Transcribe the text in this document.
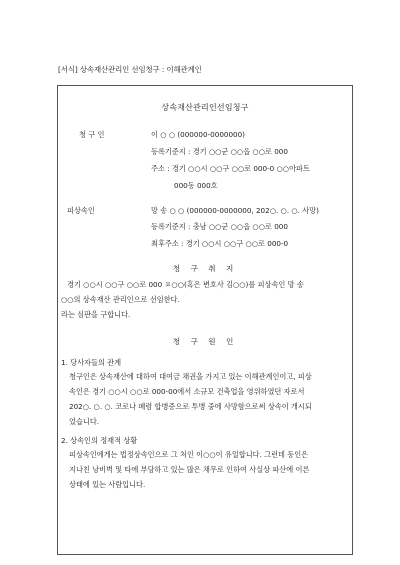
[서식] 상속재산관리인 선임청구 : 이해관계인
상속재산관리인선임청구
청 구 인	이 ○ ○ (000000-0000000)
등록기준지 : 경기 ○○군 ○○읍 ○○로 000
주소 : 경기 ○○시 ○○구 ○○로 000-0 ○○아파트
000동 000호
피상속인	망 송 ○ ○ (000000-0000000, 202○. ○. ○. 사망)
등록기준지 : 충남 ○○군 ○○읍 ○○로 000
최후주소 : 경기 ○○시 ○○구 ○○로 000-0
청 구 취 지
경기 ○○시 ○○구 ○○로 000 ㅍ○○(혹은 변호사 김○○)를 피상속인 망 송
○○의 상속재산 관리인으로 선임한다.
라는 심판을 구합니다.
청 구 원 인
1. 당사자들의 관계
청구인은 상속재산에 대하여 대여금 채권을 가지고 있는 이해관계인이고, 피상
속인은 경기 ○○시 ○○로 000-00에서 소규모 건축업을 영위하였던 자로서
202○. ○. ○. 코로나 폐렴 합병증으로 투병 중에 사망함으로써 상속이 개시되
었습니다.
2. 상속인의 정재적 상황
피상속인에게는 법정상속인으로 그 처인 이○○이 유일합니다. 그런데 동인은
지나친 낭비벽 및 타에 부담하고 있는 많은 채무로 인하여 사실상 파산에 이른
상태에 있는 사람입니다.
